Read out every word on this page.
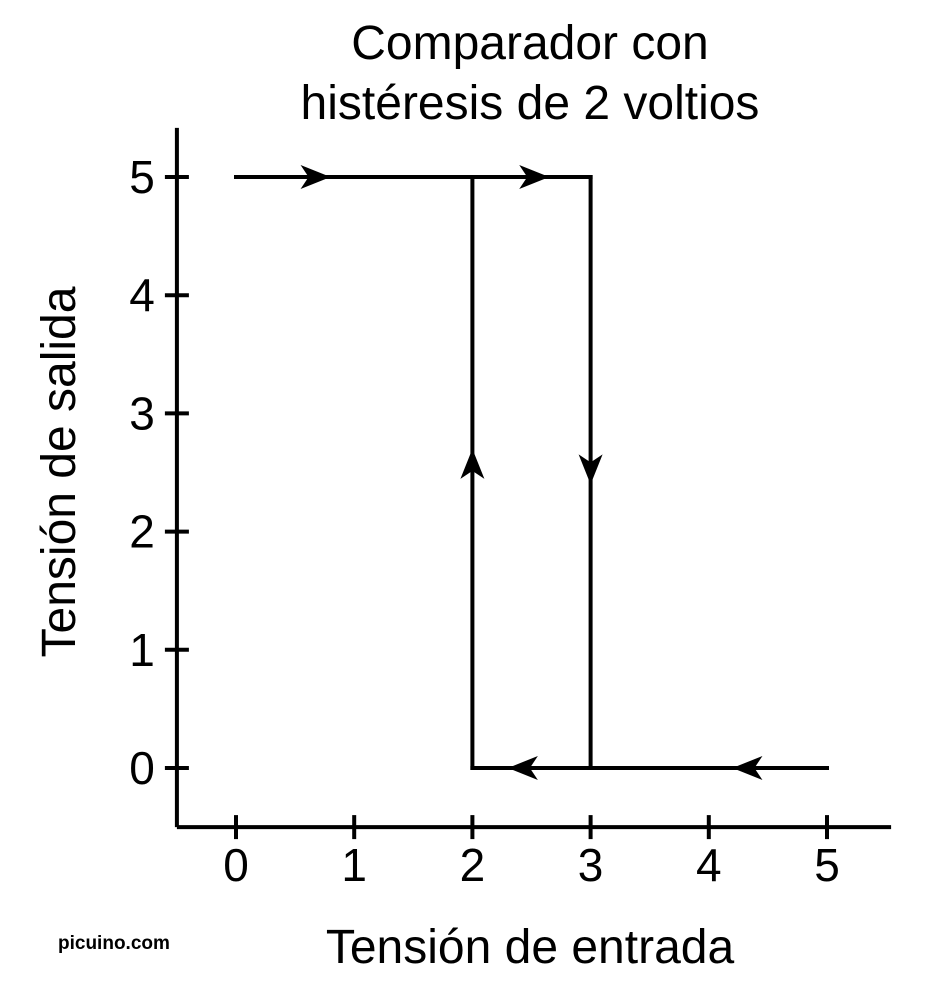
Comparador con
histéresis de 2 voltios
0 1 2 3 4 5
0
1
2
3
4
5
Tensión de salida
Tensión de entrada
picuino.com
